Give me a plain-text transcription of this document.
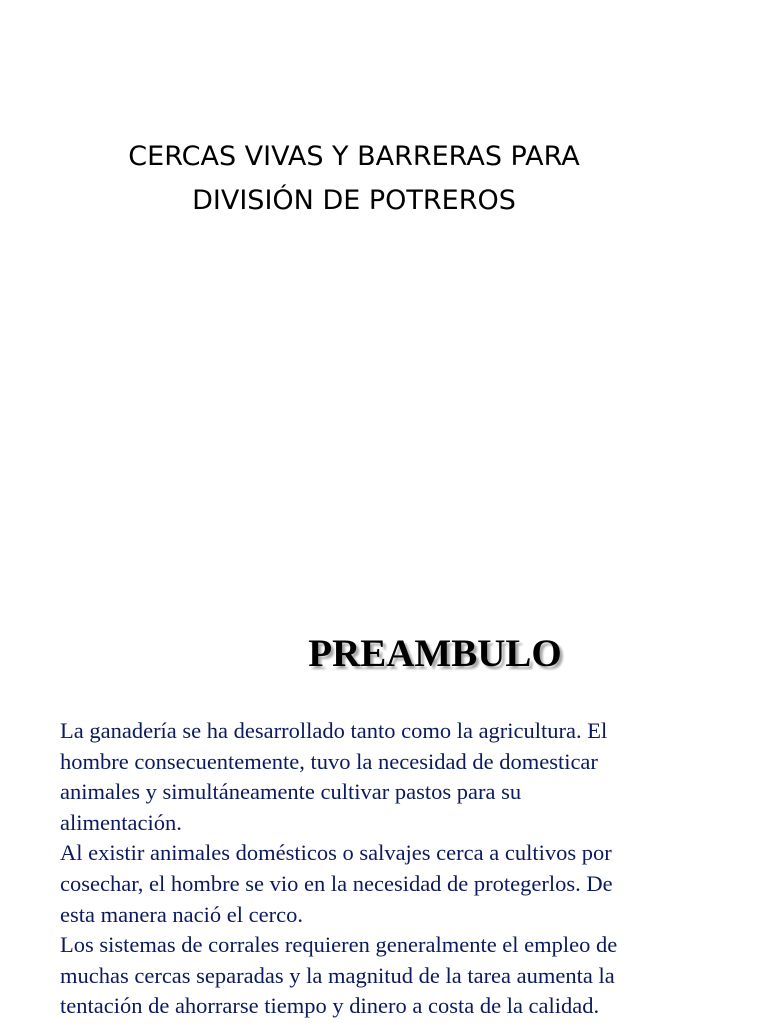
CERCAS VIVAS Y BARRERAS PARA
DIVISIÓN DE POTREROS
PREAMBULO

La ganadería se ha desarrollado tanto como la agricultura. El
hombre consecuentemente, tuvo la necesidad de domesticar
animales y simultáneamente cultivar pastos para su
alimentación.
Al existir animales domésticos o salvajes cerca a cultivos por
cosechar, el hombre se vio en la necesidad de protegerlos. De
esta manera nació el cerco.
Los sistemas de corrales requieren generalmente el empleo de
muchas cercas separadas y la magnitud de la tarea aumenta la
tentación de ahorrarse tiempo y dinero a costa de la calidad.
